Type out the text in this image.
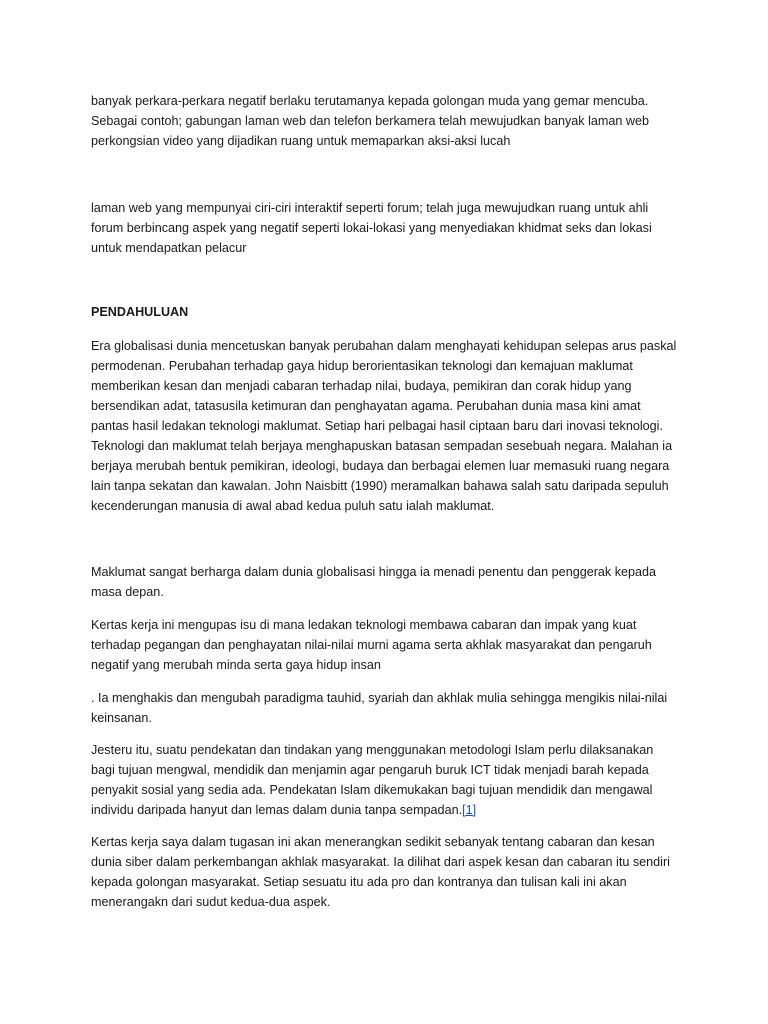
banyak perkara-perkara negatif berlaku terutamanya kepada golongan muda yang gemar mencuba. Sebagai contoh; gabungan laman web dan telefon berkamera telah mewujudkan banyak laman web perkongsian video yang dijadikan ruang untuk memaparkan aksi-aksi lucah

laman web yang mempunyai ciri-ciri interaktif seperti forum; telah juga mewujudkan ruang untuk ahli forum berbincang aspek yang negatif seperti lokai-lokasi yang menyediakan khidmat seks dan lokasi untuk mendapatkan pelacur

PENDAHULUAN

Era globalisasi dunia mencetuskan banyak perubahan dalam menghayati kehidupan selepas arus paskal permodenan. Perubahan terhadap gaya hidup berorientasikan teknologi dan kemajuan maklumat memberikan kesan dan menjadi cabaran terhadap nilai, budaya, pemikiran dan corak hidup yang bersendikan adat, tatasusila ketimuran dan penghayatan agama. Perubahan dunia masa kini amat pantas hasil ledakan teknologi maklumat. Setiap hari pelbagai hasil ciptaan baru dari inovasi teknologi. Teknologi dan maklumat telah berjaya menghapuskan batasan sempadan sesebuah negara. Malahan ia berjaya merubah bentuk pemikiran, ideologi, budaya dan berbagai elemen luar memasuki ruang negara lain tanpa sekatan dan kawalan. John Naisbitt (1990) meramalkan bahawa salah satu daripada sepuluh kecenderungan manusia di awal abad kedua puluh satu ialah maklumat.

Maklumat sangat berharga dalam dunia globalisasi hingga ia menadi penentu dan penggerak kepada masa depan.

Kertas kerja ini mengupas isu di mana ledakan teknologi membawa cabaran dan impak yang kuat terhadap pegangan dan penghayatan nilai-nilai murni agama serta akhlak masyarakat dan pengaruh negatif yang merubah minda serta gaya hidup insan

. Ia menghakis dan mengubah paradigma tauhid, syariah dan akhlak mulia sehingga mengikis nilai-nilai keinsanan.

Jesteru itu, suatu pendekatan dan tindakan yang menggunakan metodologi Islam perlu dilaksanakan bagi tujuan mengwal, mendidik dan menjamin agar pengaruh buruk ICT tidak menjadi barah kepada penyakit sosial yang sedia ada. Pendekatan Islam dikemukakan bagi tujuan mendidik dan mengawal individu daripada hanyut dan lemas dalam dunia tanpa sempadan.[1]

Kertas kerja saya dalam tugasan ini akan menerangkan sedikit sebanyak tentang cabaran dan kesan dunia siber dalam perkembangan akhlak masyarakat. Ia dilihat dari aspek kesan dan cabaran itu sendiri kepada golongan masyarakat. Setiap sesuatu itu ada pro dan kontranya dan tulisan kali ini akan menerangakn dari sudut kedua-dua aspek.
